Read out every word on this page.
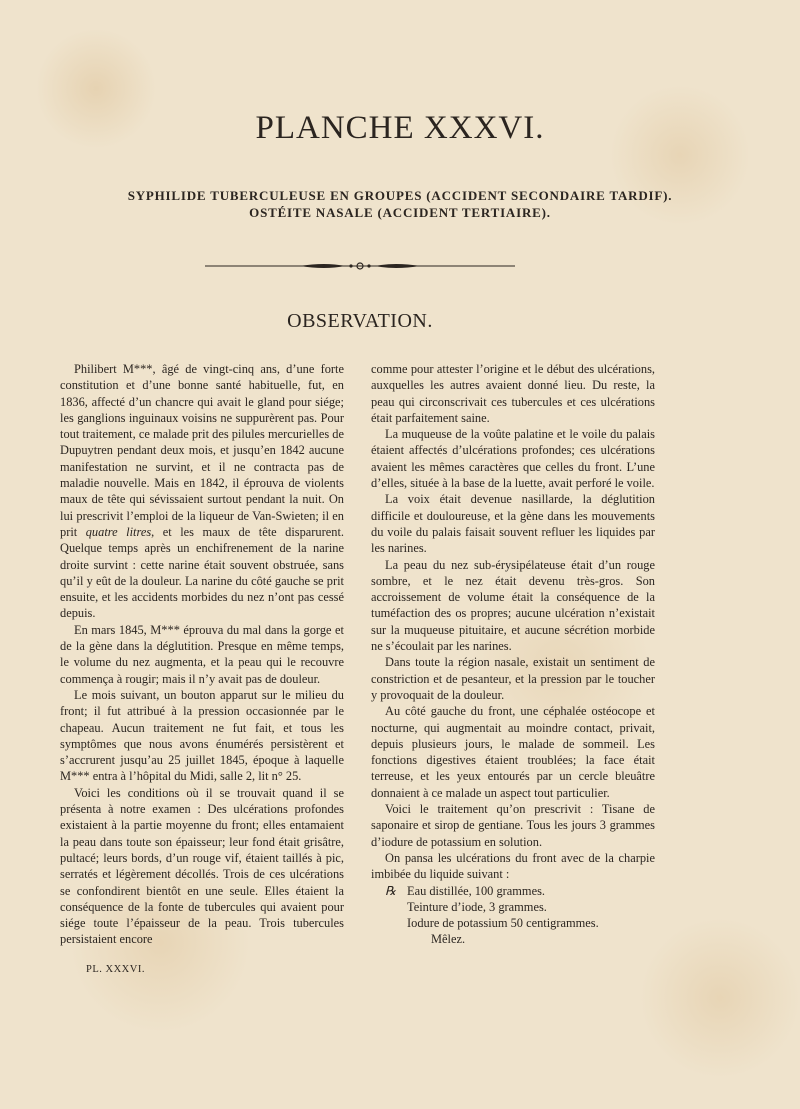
PLANCHE XXXVI.
SYPHILIDE TUBERCULEUSE EN GROUPES (ACCIDENT SECONDAIRE TARDIF).
OSTÉITE NASALE (ACCIDENT TERTIAIRE).
OBSERVATION.

Philibert M***, âgé de vingt-cinq ans, d’une forte constitution et d’une bonne santé habituelle, fut, en 1836, affecté d’un chancre qui avait le gland pour siége; les ganglions inguinaux voisins ne suppurèrent pas. Pour tout traitement, ce malade prit des pilules mercurielles de Dupuytren pendant deux mois, et jusqu’en 1842 aucune manifestation ne survint, et il ne contracta pas de maladie nouvelle. Mais en 1842, il éprouva de violents maux de tête qui sévissaient surtout pendant la nuit. On lui prescrivit l’emploi de la liqueur de Van-Swieten; il en prit quatre litres, et les maux de tête disparurent. Quelque temps après un enchifrenement de la narine droite survint : cette narine était souvent obstruée, sans qu’il y eût de la douleur. La narine du côté gauche se prit ensuite, et les accidents morbides du nez n’ont pas cessé depuis.

En mars 1845, M*** éprouva du mal dans la gorge et de la gène dans la déglutition. Presque en même temps, le volume du nez augmenta, et la peau qui le recouvre commença à rougir; mais il n’y avait pas de douleur.

Le mois suivant, un bouton apparut sur le milieu du front; il fut attribué à la pression occasionnée par le chapeau. Aucun traitement ne fut fait, et tous les symptômes que nous avons énumérés persistèrent et s’accrurent jusqu’au 25 juillet 1845, époque à laquelle M*** entra à l’hôpital du Midi, salle 2, lit n° 25.

Voici les conditions où il se trouvait quand il se présenta à notre examen : Des ulcérations profondes existaient à la partie moyenne du front; elles entamaient la peau dans toute son épaisseur; leur fond était grisâtre, pultacé; leurs bords, d’un rouge vif, étaient taillés à pic, serratés et légèrement décollés. Trois de ces ulcérations se confondirent bientôt en une seule. Elles étaient la conséquence de la fonte de tubercules qui avaient pour siége toute l’épaisseur de la peau. Trois tubercules persistaient encore

comme pour attester l’origine et le début des ulcérations, auxquelles les autres avaient donné lieu. Du reste, la peau qui circonscrivait ces tubercules et ces ulcérations était parfaitement saine.

La muqueuse de la voûte palatine et le voile du palais étaient affectés d’ulcérations profondes; ces ulcérations avaient les mêmes caractères que celles du front. L’une d’elles, située à la base de la luette, avait perforé le voile.

La voix était devenue nasillarde, la déglutition difficile et douloureuse, et la gène dans les mouvements du voile du palais faisait souvent refluer les liquides par les narines.

La peau du nez sub-érysipélateuse était d’un rouge sombre, et le nez était devenu très-gros. Son accroissement de volume était la conséquence de la tuméfaction des os propres; aucune ulcération n’existait sur la muqueuse pituitaire, et aucune sécrétion morbide ne s’écoulait par les narines.

Dans toute la région nasale, existait un sentiment de constriction et de pesanteur, et la pression par le toucher y provoquait de la douleur.

Au côté gauche du front, une céphalée ostéocope et nocturne, qui augmentait au moindre contact, privait, depuis plusieurs jours, le malade de sommeil. Les fonctions digestives étaient troublées; la face était terreuse, et les yeux entourés par un cercle bleuâtre donnaient à ce malade un aspect tout particulier.

Voici le traitement qu’on prescrivit : Tisane de saponaire et sirop de gentiane. Tous les jours 3 grammes d’iodure de potassium en solution.

On pansa les ulcérations du front avec de la charpie imbibée du liquide suivant :

℞ Eau distillée, 100 grammes.
Teinture d’iode, 3 grammes.
Iodure de potassium 50 centigrammes.
Mêlez.
PL. XXXVI.
